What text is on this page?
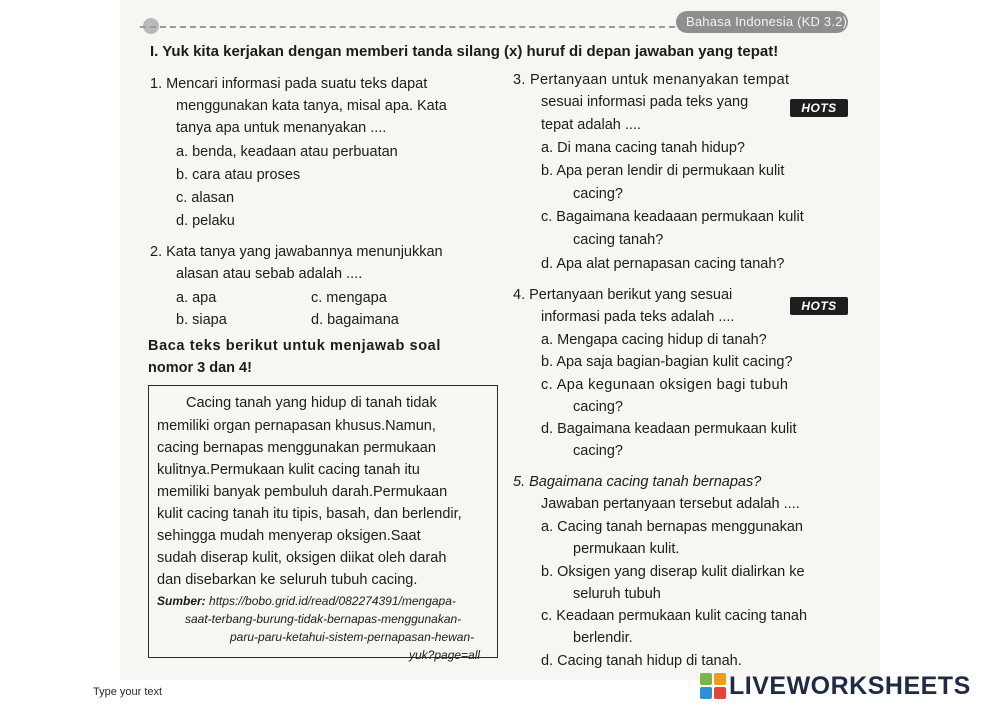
Bahasa Indonesia (KD 3.2)
I. Yuk kita kerjakan dengan memberi tanda silang (x) huruf di depan jawaban yang tepat!
1. Mencari informasi pada suatu teks dapat
menggunakan kata tanya, misal apa. Kata
tanya apa untuk menanyakan ....
a. benda, keadaan atau perbuatan
b. cara atau proses
c. alasan
d. pelaku
2. Kata tanya yang jawabannya menunjukkan
alasan atau sebab adalah ....
a. apa	c. mengapa
b. siapa	d. bagaimana
Baca teks berikut untuk menjawab soal
nomor 3 dan 4!
Cacing tanah yang hidup di tanah tidak
memiliki organ pernapasan khusus.Namun,
cacing bernapas menggunakan permukaan
kulitnya.Permukaan kulit cacing tanah itu
memiliki banyak pembuluh darah.Permukaan
kulit cacing tanah itu tipis, basah, dan berlendir,
sehingga mudah menyerap oksigen.Saat
sudah diserap kulit, oksigen diikat oleh darah
dan disebarkan ke seluruh tubuh cacing.
Sumber: https://bobo.grid.id/read/082274391/mengapa-
saat-terbang-burung-tidak-bernapas-menggunakan-
paru-paru-ketahui-sistem-pernapasan-hewan-
yuk?page=all
3. Pertanyaan untuk menanyakan tempat
sesuai informasi pada teks yang	HOTS
tepat adalah ....
a. Di mana cacing tanah hidup?
b. Apa peran lendir di permukaan kulit
cacing?
c. Bagaimana keadaaan permukaan kulit
cacing tanah?
d. Apa alat pernapasan cacing tanah?
4. Pertanyaan berikut yang sesuai
HOTS
informasi pada teks adalah ....
a. Mengapa cacing hidup di tanah?
b. Apa saja bagian-bagian kulit cacing?
c. Apa kegunaan oksigen bagi tubuh
cacing?
d. Bagaimana keadaan permukaan kulit
cacing?
5. Bagaimana cacing tanah bernapas?
Jawaban pertanyaan tersebut adalah ....
a. Cacing tanah bernapas menggunakan
permukaan kulit.
b. Oksigen yang diserap kulit dialirkan ke
seluruh tubuh
c. Keadaan permukaan kulit cacing tanah
berlendir.
d. Cacing tanah hidup di tanah.
Type your text	LIVEWORKSHEETS
